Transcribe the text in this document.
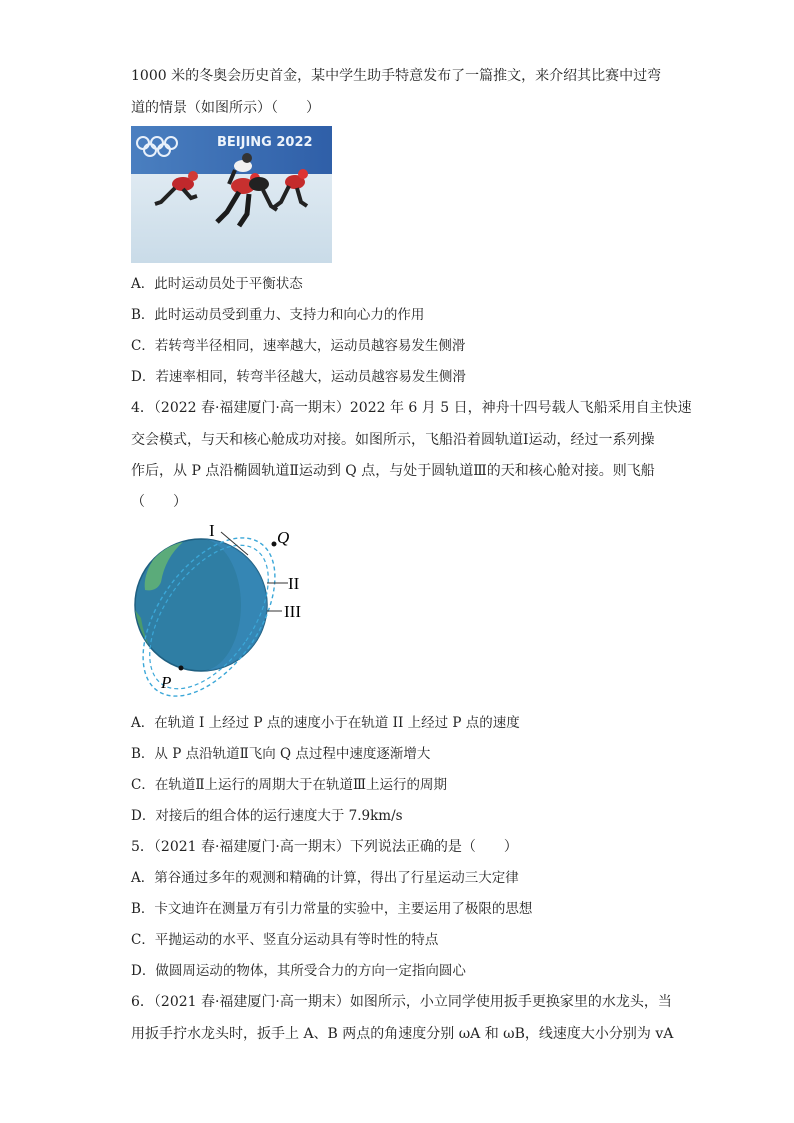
1000 米的冬奥会历史首金，某中学生助手特意发布了一篇推文，来介绍其比赛中过弯
道的情景（如图所示）（　　）
BEIJING 2022
A．此时运动员处于平衡状态
B．此时运动员受到重力、支持力和向心力的作用
C．若转弯半径相同，速率越大，运动员越容易发生侧滑
D．若速率相同，转弯半径越大，运动员越容易发生侧滑
4．（2022 春·福建厦门·高一期末）2022 年 6 月 5 日，神舟十四号载人飞船采用自主快速
交会模式，与天和核心舱成功对接。如图所示，飞船沿着圆轨道Ⅰ运动，经过一系列操
作后，从 P 点沿椭圆轨道Ⅱ运动到 Q 点，与处于圆轨道Ⅲ的天和核心舱对接。则飞船
（　　）
I	Q
II
III
P
A．在轨道 I 上经过 P 点的速度小于在轨道 II 上经过 P 点的速度
B．从 P 点沿轨道Ⅱ飞向 Q 点过程中速度逐渐增大
C．在轨道Ⅱ上运行的周期大于在轨道Ⅲ上运行的周期
D．对接后的组合体的运行速度大于 7.9km/s
5．（2021 春·福建厦门·高一期末）下列说法正确的是（　　）
A．第谷通过多年的观测和精确的计算，得出了行星运动三大定律
B．卡文迪许在测量万有引力常量的实验中，主要运用了极限的思想
C．平抛运动的水平、竖直分运动具有等时性的特点
D．做圆周运动的物体，其所受合力的方向一定指向圆心
6．（2021 春·福建厦门·高一期末）如图所示，小立同学使用扳手更换家里的水龙头，当
用扳手拧水龙头时，扳手上 A、B 两点的角速度分别 ωA 和 ωB，线速度大小分别为 vA
